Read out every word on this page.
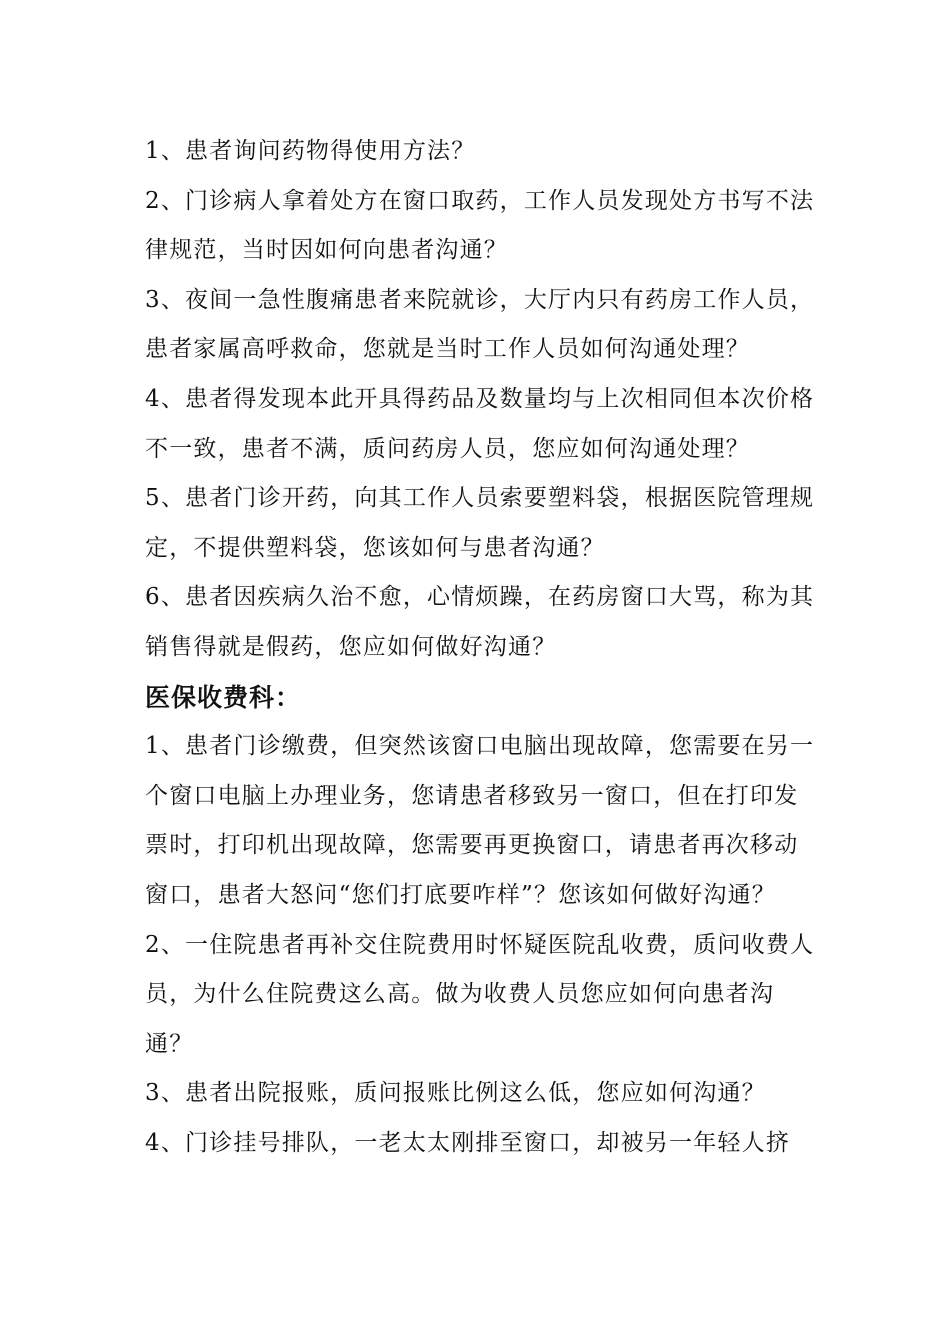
1、患者询问药物得使用方法？

2、门诊病人拿着处方在窗口取药，工作人员发现处方书写不法律规范，当时因如何向患者沟通？

3、夜间一急性腹痛患者来院就诊，大厅内只有药房工作人员，患者家属高呼救命，您就是当时工作人员如何沟通处理？

4、患者得发现本此开具得药品及数量均与上次相同但本次价格不一致，患者不满，质问药房人员，您应如何沟通处理？

5、患者门诊开药，向其工作人员索要塑料袋，根据医院管理规定，不提供塑料袋，您该如何与患者沟通？

6、患者因疾病久治不愈，心情烦躁，在药房窗口大骂，称为其销售得就是假药，您应如何做好沟通？

医保收费科：

1、患者门诊缴费，但突然该窗口电脑出现故障，您需要在另一个窗口电脑上办理业务，您请患者移致另一窗口，但在打印发票时，打印机出现故障，您需要再更换窗口，请患者再次移动窗口，患者大怒问“您们打底要咋样”？您该如何做好沟通？

2、一住院患者再补交住院费用时怀疑医院乱收费，质问收费人员，为什么住院费这么高。做为收费人员您应如何向患者沟通？

3、患者出院报账，质问报账比例这么低，您应如何沟通？

4、门诊挂号排队，一老太太刚排至窗口，却被另一年轻人挤
